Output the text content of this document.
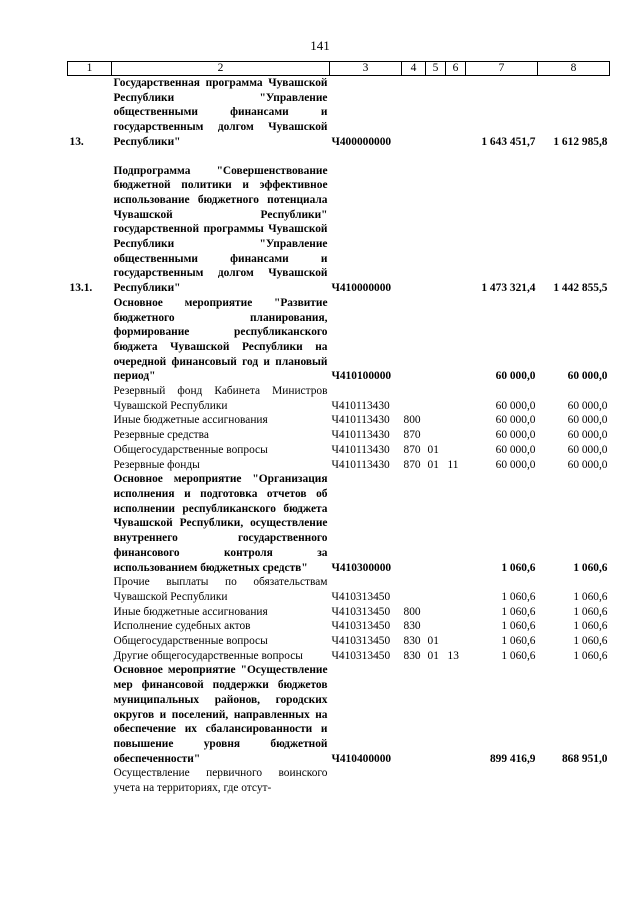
141
1	2	3	4	5	6	7	8
13.	Государственная программа Чувашской Республики "Управление общественными финансами и государственным долгом Чувашской Республики"	Ч400000000				1 643 451,7	1 612 985,8

13.1.	Подпрограмма "Совершенствование бюджетной политики и эффективное использование бюджетного потенциала Чувашской Республики" государственной программы Чувашской Республики "Управление общественными финансами и государственным долгом Чувашской Республики"	Ч410000000				1 473 321,4	1 442 855,5
	Основное мероприятие "Развитие бюджетного планирования, формирование республиканского бюджета Чувашской Республики на очередной финансовый год и плановый период"	Ч410100000				60 000,0	60 000,0
	Резервный фонд Кабинета Министров Чувашской Республики	Ч410113430				60 000,0	60 000,0
	Иные бюджетные ассигнования	Ч410113430	800			60 000,0	60 000,0
	Резервные средства	Ч410113430	870			60 000,0	60 000,0
	Общегосударственные вопросы	Ч410113430	870	01		60 000,0	60 000,0
	Резервные фонды	Ч410113430	870	01	11	60 000,0	60 000,0
	Основное мероприятие "Организация исполнения и подготовка отчетов об исполнении республиканского бюджета Чувашской Республики, осуществление внутреннего государственного финансового контроля за использованием бюджетных средств"	Ч410300000				1 060,6	1 060,6
	Прочие выплаты по обязательствам Чувашской Республики	Ч410313450				1 060,6	1 060,6
	Иные бюджетные ассигнования	Ч410313450	800			1 060,6	1 060,6
	Исполнение судебных актов	Ч410313450	830			1 060,6	1 060,6
	Общегосударственные вопросы	Ч410313450	830	01		1 060,6	1 060,6
	Другие общегосударственные вопросы	Ч410313450	830	01	13	1 060,6	1 060,6
	Основное мероприятие "Осуществление мер финансовой поддержки бюджетов муниципальных районов, городских округов и поселений, направленных на обеспечение их сбалансированности и повышение уровня бюджетной обеспеченности"	Ч410400000				899 416,9	868 951,0
	Осуществление первичного воинского учета на территориях, где отсут-						
